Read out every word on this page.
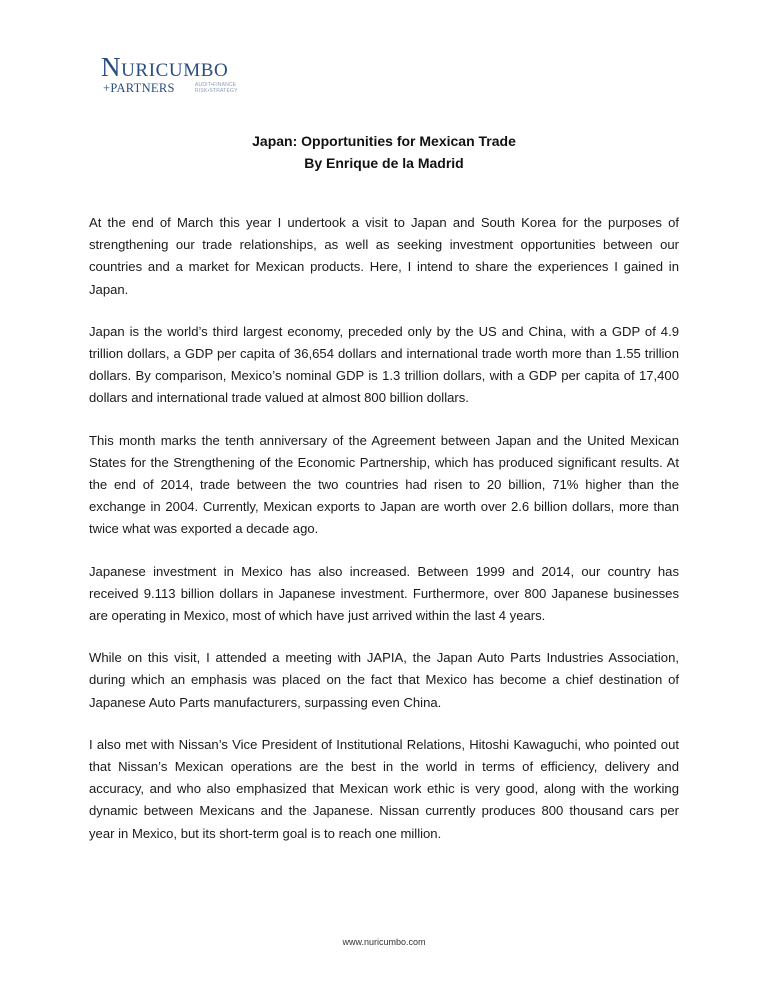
Nuricumbo
+PARTNERS	AUDIT•FINANCE
RISK•STRATEGY
Japan: Opportunities for Mexican Trade
By Enrique de la Madrid

At the end of March this year I undertook a visit to Japan and South Korea for the purposes of strengthening our trade relationships, as well as seeking investment opportunities between our countries and a market for Mexican products. Here, I intend to share the experiences I gained in Japan.

Japan is the world’s third largest economy, preceded only by the US and China, with a GDP of 4.9 trillion dollars, a GDP per capita of 36,654 dollars and international trade worth more than 1.55 trillion dollars. By comparison, Mexico’s nominal GDP is 1.3 trillion dollars, with a GDP per capita of 17,400 dollars and international trade valued at almost 800 billion dollars.

This month marks the tenth anniversary of the Agreement between Japan and the United Mexican States for the Strengthening of the Economic Partnership, which has produced significant results. At the end of 2014, trade between the two countries had risen to 20 billion, 71% higher than the exchange in 2004. Currently, Mexican exports to Japan are worth over 2.6 billion dollars, more than twice what was exported a decade ago.

Japanese investment in Mexico has also increased. Between 1999 and 2014, our country has received 9.113 billion dollars in Japanese investment. Furthermore, over 800 Japanese businesses are operating in Mexico, most of which have just arrived within the last 4 years.

While on this visit, I attended a meeting with JAPIA, the Japan Auto Parts Industries Association, during which an emphasis was placed on the fact that Mexico has become a chief destination of Japanese Auto Parts manufacturers, surpassing even China.

I also met with Nissan’s Vice President of Institutional Relations, Hitoshi Kawaguchi, who pointed out that Nissan’s Mexican operations are the best in the world in terms of efficiency, delivery and accuracy, and who also emphasized that Mexican work ethic is very good, along with the working dynamic between Mexicans and the Japanese. Nissan currently produces 800 thousand cars per year in Mexico, but its short-term goal is to reach one million.

www.nuricumbo.com
